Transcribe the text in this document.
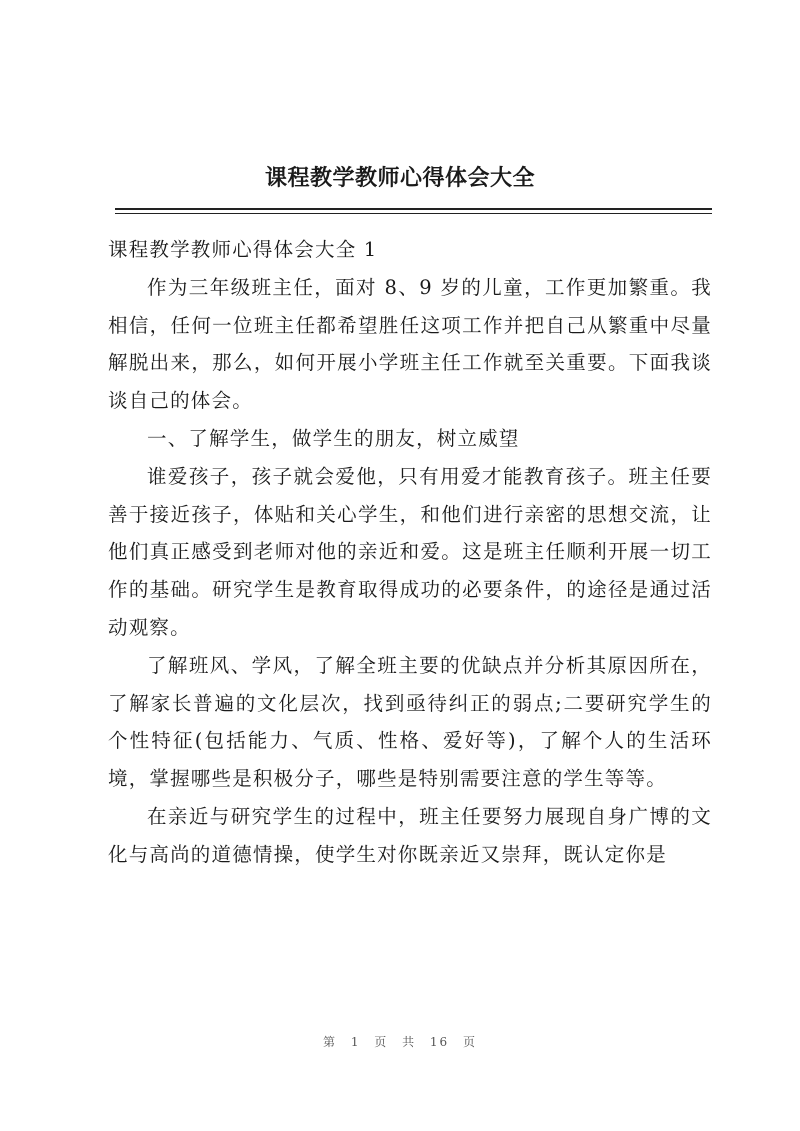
课程教学教师心得体会大全

课程教学教师心得体会大全 1

作为三年级班主任，面对 8、9 岁的儿童，工作更加繁重。我相信，任何一位班主任都希望胜任这项工作并把自己从繁重中尽量解脱出来，那么，如何开展小学班主任工作就至关重要。下面我谈谈自己的体会。

一、了解学生，做学生的朋友，树立威望

谁爱孩子，孩子就会爱他，只有用爱才能教育孩子。班主任要善于接近孩子，体贴和关心学生，和他们进行亲密的思想交流，让他们真正感受到老师对他的亲近和爱。这是班主任顺利开展一切工作的基础。研究学生是教育取得成功的必要条件，的途径是通过活动观察。

了解班风、学风，了解全班主要的优缺点并分析其原因所在，了解家长普遍的文化层次，找到亟待纠正的弱点;二要研究学生的个性特征(包括能力、气质、性格、爱好等)，了解个人的生活环境，掌握哪些是积极分子，哪些是特别需要注意的学生等等。

在亲近与研究学生的过程中，班主任要努力展现自身广博的文化与高尚的道德情操，使学生对你既亲近又崇拜，既认定你是

第 1 页 共 16 页
